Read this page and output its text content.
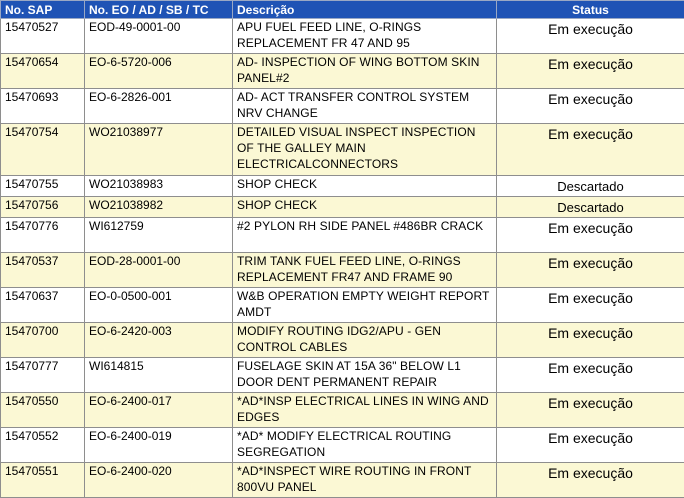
No. SAP	No. EO / AD / SB / TC	Descrição	Status
15470527	EOD-49-0001-00	APU FUEL FEED LINE, O-RINGS REPLACEMENT FR 47 AND 95	Em execução
15470654	EO-6-5720-006	AD- INSPECTION OF WING BOTTOM SKIN PANEL#2	Em execução
15470693	EO-6-2826-001	AD- ACT TRANSFER CONTROL SYSTEM NRV CHANGE	Em execução
15470754	WO21038977	DETAILED VISUAL INSPECT INSPECTION OF THE GALLEY MAIN ELECTRICALCONNECTORS	Em execução
15470755	WO21038983	SHOP CHECK	Descartado
15470756	WO21038982	SHOP CHECK	Descartado
15470776	WI612759	#2 PYLON RH SIDE PANEL #486BR CRACK	Em execução
15470537	EOD-28-0001-00	TRIM TANK FUEL FEED LINE, O-RINGS REPLACEMENT FR47 AND FRAME 90	Em execução
15470637	EO-0-0500-001	W&B OPERATION EMPTY WEIGHT REPORT AMDT	Em execução
15470700	EO-6-2420-003	MODIFY ROUTING IDG2/APU - GEN CONTROL CABLES	Em execução
15470777	WI614815	FUSELAGE SKIN AT 15A 36" BELOW L1 DOOR DENT PERMANENT REPAIR	Em execução
15470550	EO-6-2400-017	*AD*INSP ELECTRICAL LINES IN WING AND EDGES	Em execução
15470552	EO-6-2400-019	*AD* MODIFY ELECTRICAL ROUTING SEGREGATION	Em execução
15470551	EO-6-2400-020	*AD*INSPECT WIRE ROUTING IN FRONT 800VU PANEL	Em execução
